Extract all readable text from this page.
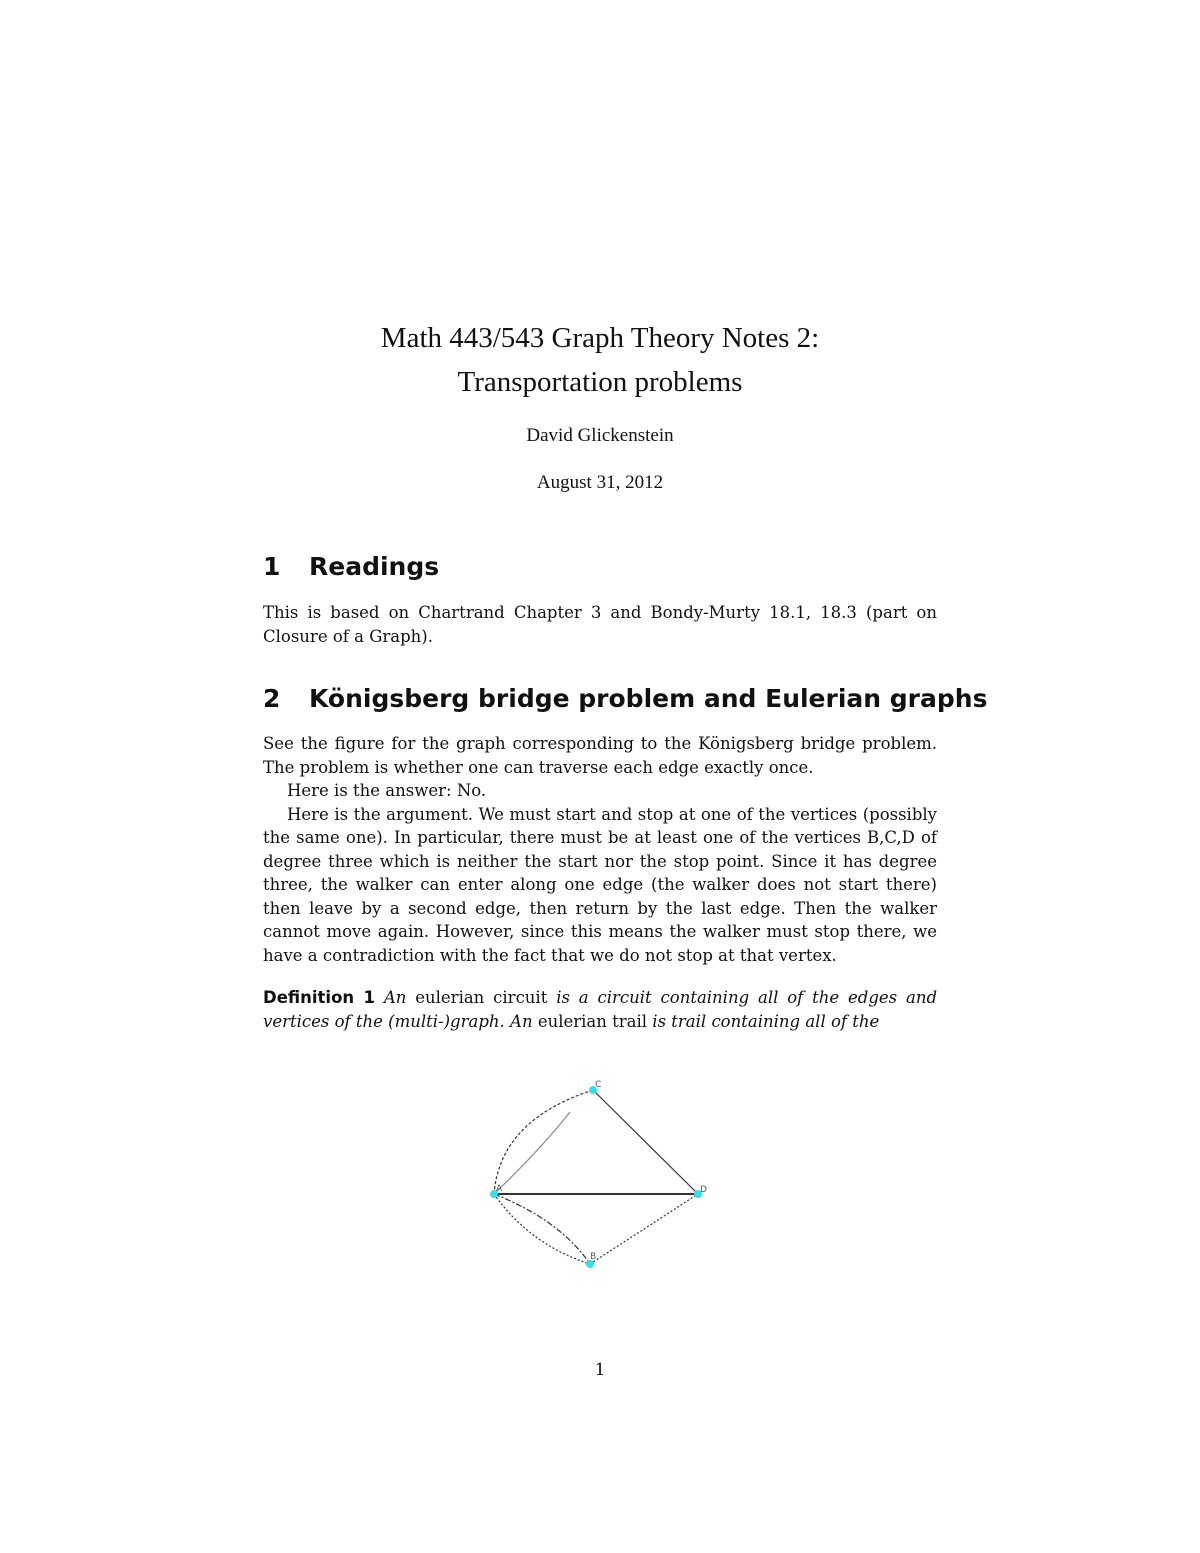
Math 443/543 Graph Theory Notes 2:
Transportation problems
David Glickenstein
August 31, 2012
1 Readings
This is based on Chartrand Chapter 3 and Bondy-Murty 18.1, 18.3 (part on Closure of a Graph).
2 Königsberg bridge problem and Eulerian graphs
See the figure for the graph corresponding to the Königsberg bridge problem. The problem is whether one can traverse each edge exactly once.
Here is the answer: No.
Here is the argument. We must start and stop at one of the vertices (possibly the same one). In particular, there must be at least one of the vertices B,C,D of degree three which is neither the start nor the stop point. Since it has degree three, the walker can enter along one edge (the walker does not start there) then leave by a second edge, then return by the last edge. Then the walker cannot move again. However, since this means the walker must stop there, we have a contradiction with the fact that we do not stop at that vertex.
Definition 1 An eulerian circuit is a circuit containing all of the edges and vertices of the (multi-)graph. An eulerian trail is trail containing all of the
C
A	D
B
1
